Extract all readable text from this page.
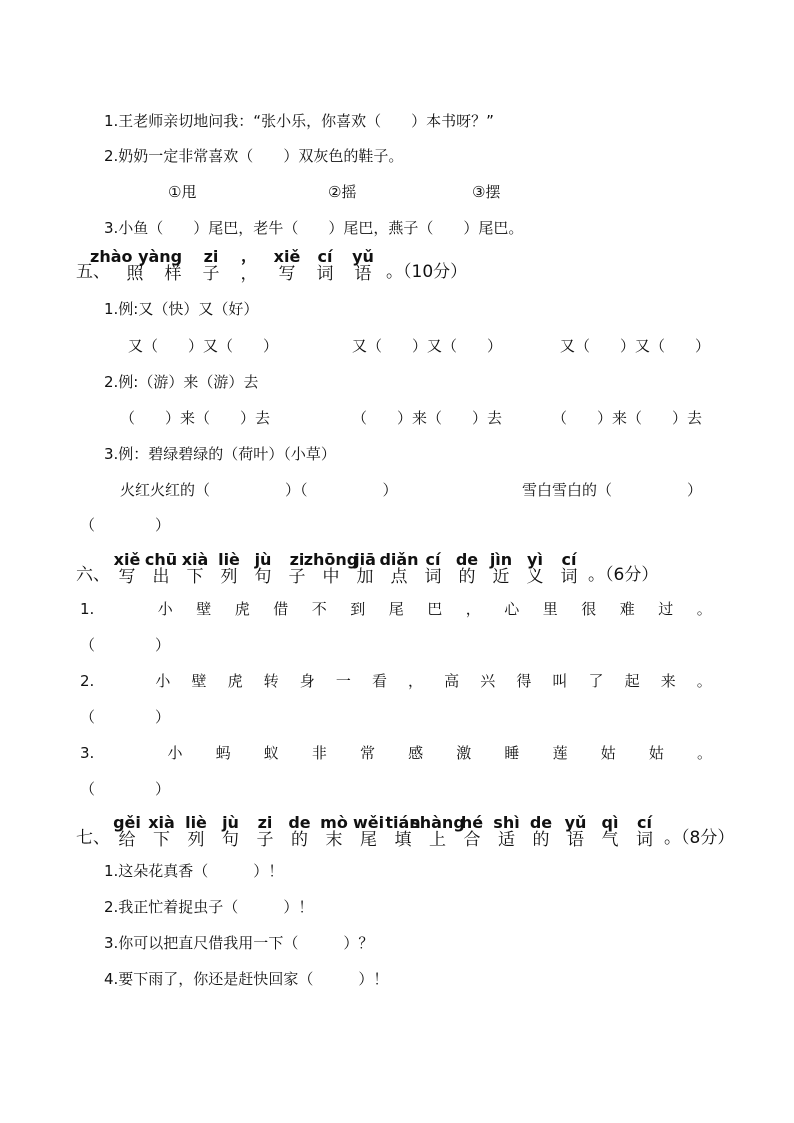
1.王老师亲切地问我：“张小乐，你喜欢（　　）本书呀？”
2.奶奶一定非常喜欢（　　）双灰色的鞋子。
①甩	②摇	③摆
3.小鱼（　　）尾巴，老牛（　　）尾巴，燕子（　　）尾巴。
五、
zhào yàng
照	样
zi
子
，
，
xiě
写
cí
词
yǔ
语 。（10分）
1.例:又（快）又（好）
又（　　）又（　　）	又（　　）又（　　）	又（　　）又（　　）
2.例:（游）来（游）去
（　　）来（　　）去	（　　）来（　　）去	（　　）来（　　）去
3.例：碧绿碧绿的（荷叶）（小草）
火红火红的（　　　　　）（　　　　　）	雪白雪白的（　　　　　）
（　　　　）
六、
xiě
写
chū
出
xià
下
liè
列
jù
句
zi
子
zhōng
中
jiā
加
diǎn
点
cí
词
de
的
jìn
近
yì
义
cí
词 。（6分）
1.	小 壁 虎 借 不 到 尾 巴 ， 心 里 很 难 过 。
（　　　　）
2.	小 壁 虎 转 身 一 看 ， 高 兴 得 叫 了 起 来 。
（　　　　）
3.	小 蚂 蚁 非 常 感 激 睡 莲 姑 姑 。
（　　　　）
七、
gěi
给
xià
下
liè
列
jù
句
zi
子
de
的
mò
末
wěi
尾
tián
填
shàng
上
hé
合
shì
适
de
的
yǔ
语
qì
气
cí
词 。（8分）
1.这朵花真香（　　　）！
2.我正忙着捉虫子（　　　）！
3.你可以把直尺借我用一下（　　　）？
4.要下雨了，你还是赶快回家（　　　）！
